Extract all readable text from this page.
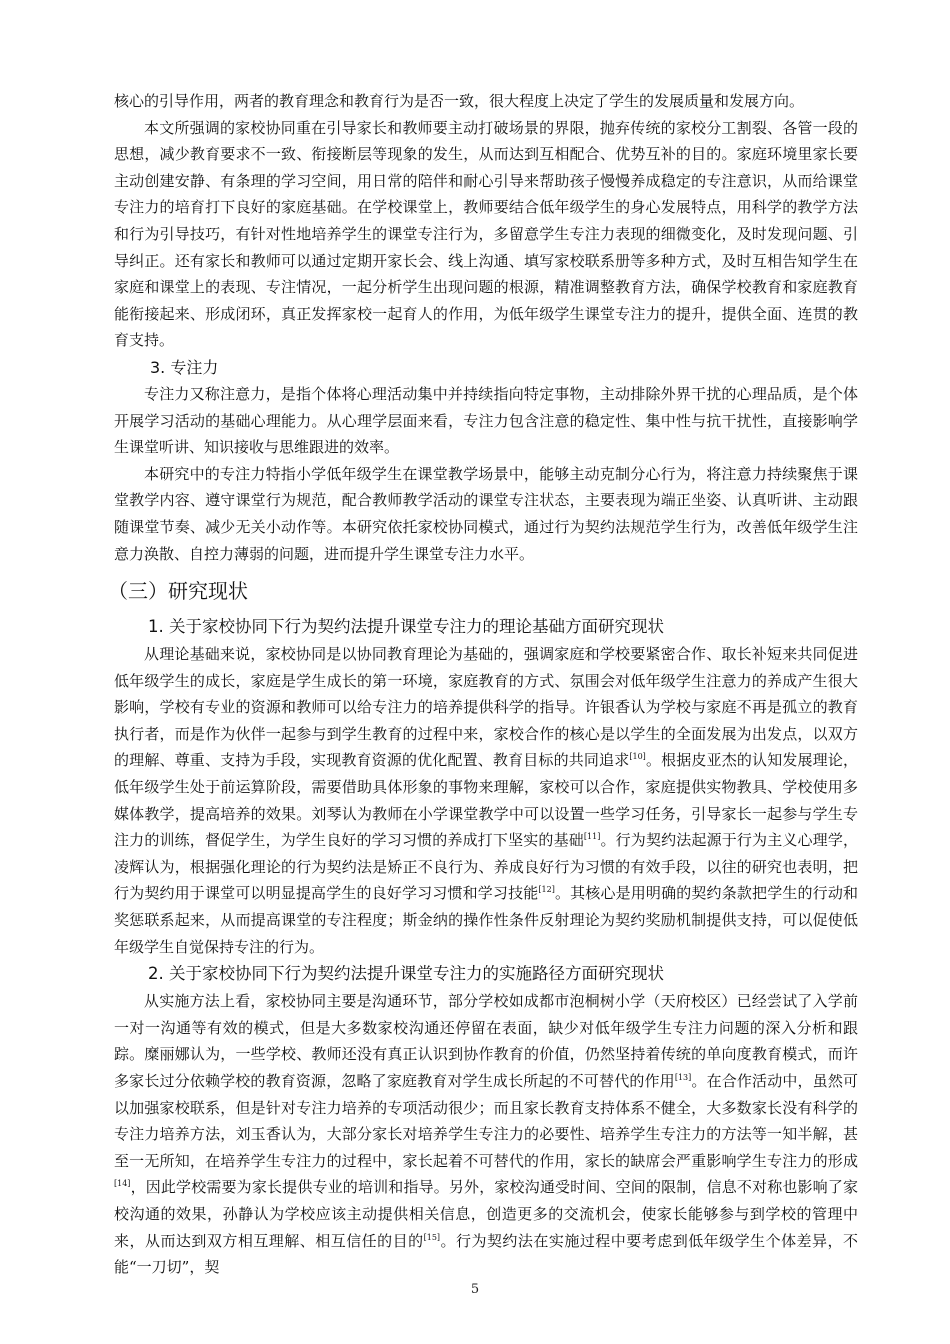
核心的引导作用，两者的教育理念和教育行为是否一致，很大程度上决定了学生的发展质量和发展方向。

本文所强调的家校协同重在引导家长和教师要主动打破场景的界限，抛弃传统的家校分工割裂、各管一段的思想，减少教育要求不一致、衔接断层等现象的发生，从而达到互相配合、优势互补的目的。家庭环境里家长要主动创建安静、有条理的学习空间，用日常的陪伴和耐心引导来帮助孩子慢慢养成稳定的专注意识，从而给课堂专注力的培育打下良好的家庭基础。在学校课堂上，教师要结合低年级学生的身心发展特点，用科学的教学方法和行为引导技巧，有针对性地培养学生的课堂专注行为，多留意学生专注力表现的细微变化，及时发现问题、引导纠正。还有家长和教师可以通过定期开家长会、线上沟通、填写家校联系册等多种方式，及时互相告知学生在家庭和课堂上的表现、专注情况，一起分析学生出现问题的根源，精准调整教育方法，确保学校教育和家庭教育能衔接起来、形成闭环，真正发挥家校一起育人的作用，为低年级学生课堂专注力的提升，提供全面、连贯的教育支持。

3. 专注力

专注力又称注意力，是指个体将心理活动集中并持续指向特定事物，主动排除外界干扰的心理品质，是个体开展学习活动的基础心理能力。从心理学层面来看，专注力包含注意的稳定性、集中性与抗干扰性，直接影响学生课堂听讲、知识接收与思维跟进的效率。

本研究中的专注力特指小学低年级学生在课堂教学场景中，能够主动克制分心行为，将注意力持续聚焦于课堂教学内容、遵守课堂行为规范，配合教师教学活动的课堂专注状态，主要表现为端正坐姿、认真听讲、主动跟随课堂节奏、减少无关小动作等。本研究依托家校协同模式，通过行为契约法规范学生行为，改善低年级学生注意力涣散、自控力薄弱的问题，进而提升学生课堂专注力水平。

（三）研究现状
1. 关于家校协同下行为契约法提升课堂专注力的理论基础方面研究现状

从理论基础来说，家校协同是以协同教育理论为基础的，强调家庭和学校要紧密合作、取长补短来共同促进低年级学生的成长，家庭是学生成长的第一环境，家庭教育的方式、氛围会对低年级学生注意力的养成产生很大影响，学校有专业的资源和教师可以给专注力的培养提供科学的指导。许银香认为学校与家庭不再是孤立的教育执行者，而是作为伙伴一起参与到学生教育的过程中来，家校合作的核心是以学生的全面发展为出发点，以双方的理解、尊重、支持为手段，实现教育资源的优化配置、教育目标的共同追求[10]。根据皮亚杰的认知发展理论，低年级学生处于前运算阶段，需要借助具体形象的事物来理解，家校可以合作，家庭提供实物教具、学校使用多媒体教学，提高培养的效果。刘琴认为教师在小学课堂教学中可以设置一些学习任务，引导家长一起参与学生专注力的训练，督促学生，为学生良好的学习习惯的养成打下坚实的基础[11]。行为契约法起源于行为主义心理学，凌辉认为，根据强化理论的行为契约法是矫正不良行为、养成良好行为习惯的有效手段，以往的研究也表明，把行为契约用于课堂可以明显提高学生的良好学习习惯和学习技能[12]。其核心是用明确的契约条款把学生的行动和奖惩联系起来，从而提高课堂的专注程度；斯金纳的操作性条件反射理论为契约奖励机制提供支持，可以促使低年级学生自觉保持专注的行为。

2. 关于家校协同下行为契约法提升课堂专注力的实施路径方面研究现状

从实施方法上看，家校协同主要是沟通环节，部分学校如成都市泡桐树小学（天府校区）已经尝试了入学前一对一沟通等有效的模式，但是大多数家校沟通还停留在表面，缺少对低年级学生专注力问题的深入分析和跟踪。糜丽娜认为，一些学校、教师还没有真正认识到协作教育的价值，仍然坚持着传统的单向度教育模式，而许多家长过分依赖学校的教育资源，忽略了家庭教育对学生成长所起的不可替代的作用[13]。在合作活动中，虽然可以加强家校联系，但是针对专注力培养的专项活动很少；而且家长教育支持体系不健全，大多数家长没有科学的专注力培养方法，刘玉香认为，大部分家长对培养学生专注力的必要性、培养学生专注力的方法等一知半解，甚至一无所知，在培养学生专注力的过程中，家长起着不可替代的作用，家长的缺席会严重影响学生专注力的形成[14]，因此学校需要为家长提供专业的培训和指导。另外，家校沟通受时间、空间的限制，信息不对称也影响了家校沟通的效果，孙静认为学校应该主动提供相关信息，创造更多的交流机会，使家长能够参与到学校的管理中来，从而达到双方相互理解、相互信任的目的[15]。行为契约法在实施过程中要考虑到低年级学生个体差异，不能“一刀切”，契

5
